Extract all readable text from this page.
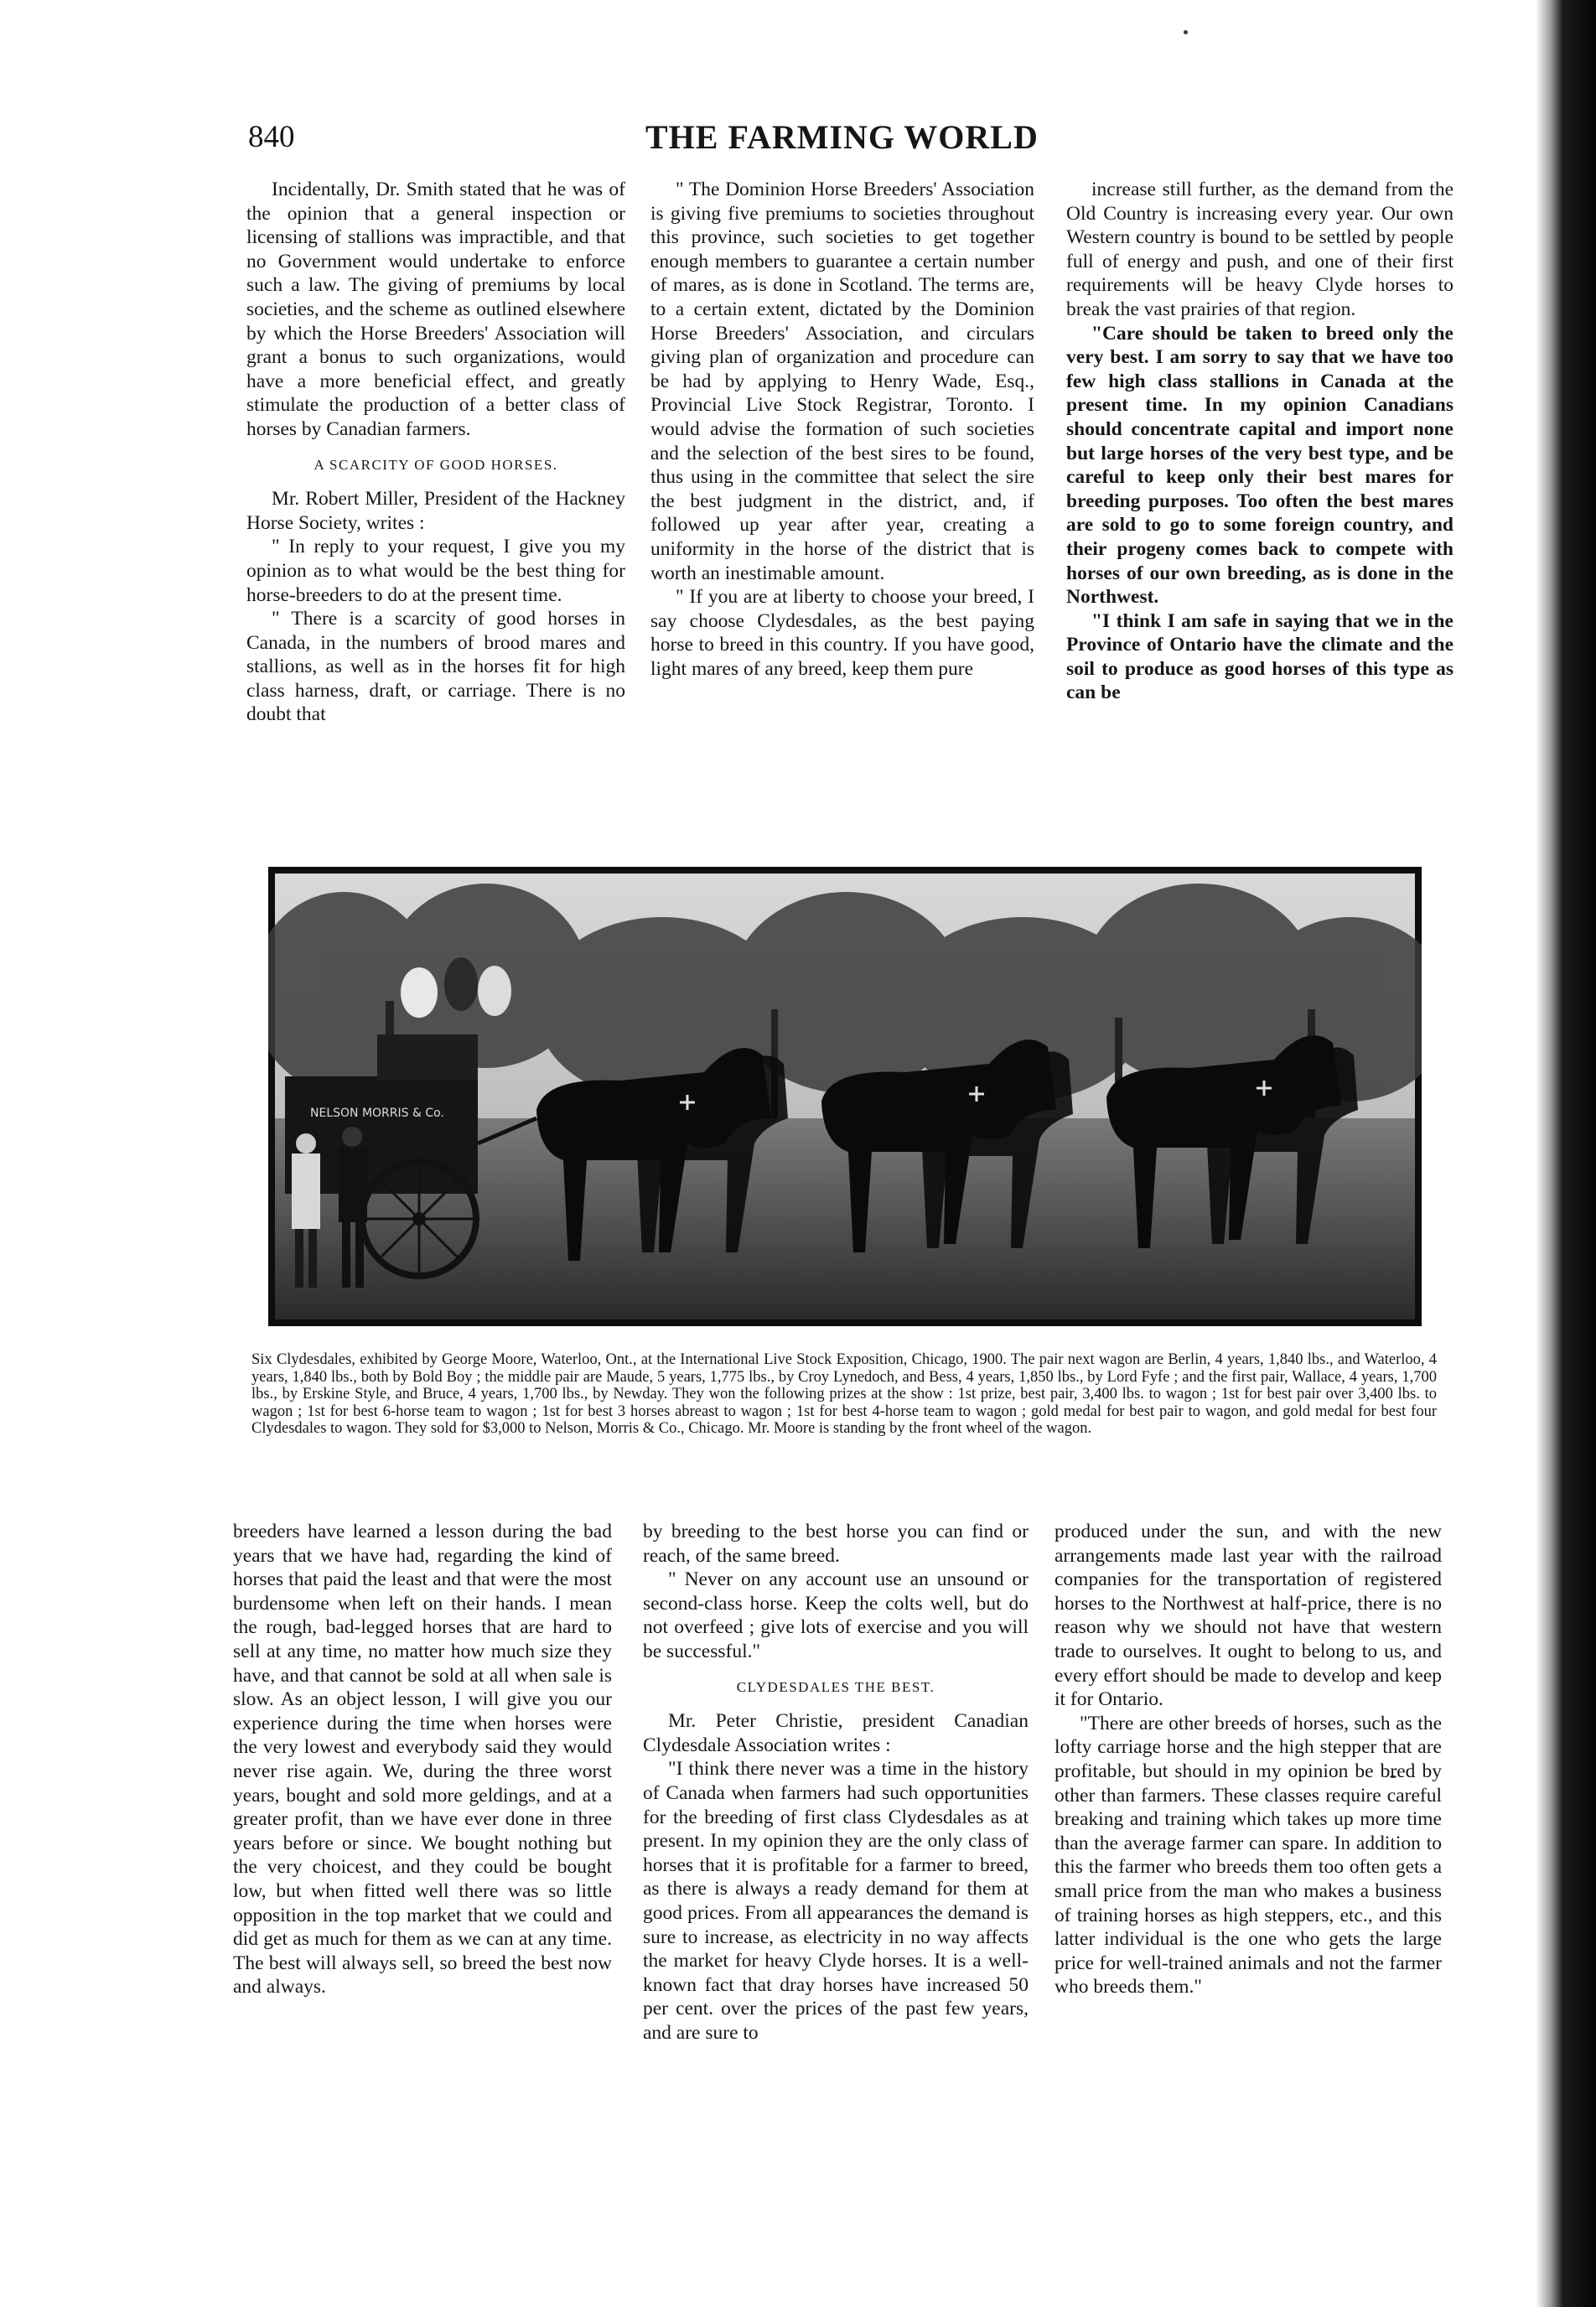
840	THE FARMING WORLD

Incidentally, Dr. Smith stated that he was of the opinion that a general inspection or licensing of stallions was impractible, and that no Government would undertake to enforce such a law. The giving of premiums by local societies, and the scheme as outlined elsewhere by which the Horse Breeders' Association will grant a bonus to such organizations, would have a more beneficial effect, and greatly stimulate the production of a better class of horses by Canadian farmers.

A SCARCITY OF GOOD HORSES.

Mr. Robert Miller, President of the Hackney Horse Society, writes :

" In reply to your request, I give you my opinion as to what would be the best thing for horse-breeders to do at the present time.

" There is a scarcity of good horses in Canada, in the numbers of brood mares and stallions, as well as in the horses fit for high class harness, draft, or carriage. There is no doubt that

" The Dominion Horse Breeders' Association is giving five premiums to societies throughout this province, such societies to get together enough members to guarantee a certain number of mares, as is done in Scotland. The terms are, to a certain extent, dictated by the Dominion Horse Breeders' Association, and circulars giving plan of organization and procedure can be had by applying to Henry Wade, Esq., Provincial Live Stock Registrar, Toronto. I would advise the formation of such societies and the selection of the best sires to be found, thus using in the committee that select the sire the best judgment in the district, and, if followed up year after year, creating a uniformity in the horse of the district that is worth an inestimable amount.

" If you are at liberty to choose your breed, I say choose Clydesdales, as the best paying horse to breed in this country. If you have good, light mares of any breed, keep them pure

increase still further, as the demand from the Old Country is increasing every year. Our own Western country is bound to be settled by people full of energy and push, and one of their first requirements will be heavy Clyde horses to break the vast prairies of that region.

"Care should be taken to breed only the very best. I am sorry to say that we have too few high class stallions in Canada at the present time. In my opinion Canadians should concentrate capital and import none but large horses of the very best type, and be careful to keep only their best mares for breeding purposes. Too often the best mares are sold to go to some foreign country, and their progeny comes back to compete with horses of our own breeding, as is done in the Northwest.

"I think I am safe in saying that we in the Province of Ontario have the climate and the soil to produce as good horses of this type as can be

NELSON MORRIS & Co.
Six Clydesdales, exhibited by George Moore, Waterloo, Ont., at the International Live Stock Exposition, Chicago, 1900. The pair next wagon are Berlin, 4 years, 1,840 lbs., and Waterloo, 4 years, 1,840 lbs., both by Bold Boy ; the middle pair are Maude, 5 years, 1,775 lbs., by Croy Lynedoch, and Bess, 4 years, 1,850 lbs., by Lord Fyfe ; and the first pair, Wallace, 4 years, 1,700 lbs., by Erskine Style, and Bruce, 4 years, 1,700 lbs., by Newday. They won the following prizes at the show : 1st prize, best pair, 3,400 lbs. to wagon ; 1st for best pair over 3,400 lbs. to wagon ; 1st for best 6-horse team to wagon ; 1st for best 3 horses abreast to wagon ; 1st for best 4-horse team to wagon ; gold medal for best pair to wagon, and gold medal for best four Clydesdales to wagon. They sold for $3,000 to Nelson, Morris & Co., Chicago. Mr. Moore is standing by the front wheel of the wagon.

breeders have learned a lesson during the bad years that we have had, regarding the kind of horses that paid the least and that were the most burdensome when left on their hands. I mean the rough, bad-legged horses that are hard to sell at any time, no matter how much size they have, and that cannot be sold at all when sale is slow. As an object lesson, I will give you our experience during the time when horses were the very lowest and everybody said they would never rise again. We, during the three worst years, bought and sold more geldings, and at a greater profit, than we have ever done in three years before or since. We bought nothing but the very choicest, and they could be bought low, but when fitted well there was so little opposition in the top market that we could and did get as much for them as we can at any time. The best will always sell, so breed the best now and always.

by breeding to the best horse you can find or reach, of the same breed.

" Never on any account use an unsound or second-class horse. Keep the colts well, but do not overfeed ; give lots of exercise and you will be successful."

CLYDESDALES THE BEST.

Mr. Peter Christie, president Canadian Clydesdale Association writes :

"I think there never was a time in the history of Canada when farmers had such opportunities for the breeding of first class Clydesdales as at present. In my opinion they are the only class of horses that it is profitable for a farmer to breed, as there is always a ready demand for them at good prices. From all appearances the demand is sure to increase, as electricity in no way affects the market for heavy Clyde horses. It is a well-known fact that dray horses have increased 50 per cent. over the prices of the past few years, and are sure to

produced under the sun, and with the new arrangements made last year with the railroad companies for the transportation of registered horses to the Northwest at half-price, there is no reason why we should not have that western trade to ourselves. It ought to belong to us, and every effort should be made to develop and keep it for Ontario.

"There are other breeds of horses, such as the lofty carriage horse and the high stepper that are profitable, but should in my opinion be bred by other than farmers. These classes require careful breaking and training which takes up more time than the average farmer can spare. In addition to this the farmer who breeds them too often gets a small price from the man who makes a business of training horses as high steppers, etc., and this latter individual is the one who gets the large price for well-trained animals and not the farmer who breeds them."
